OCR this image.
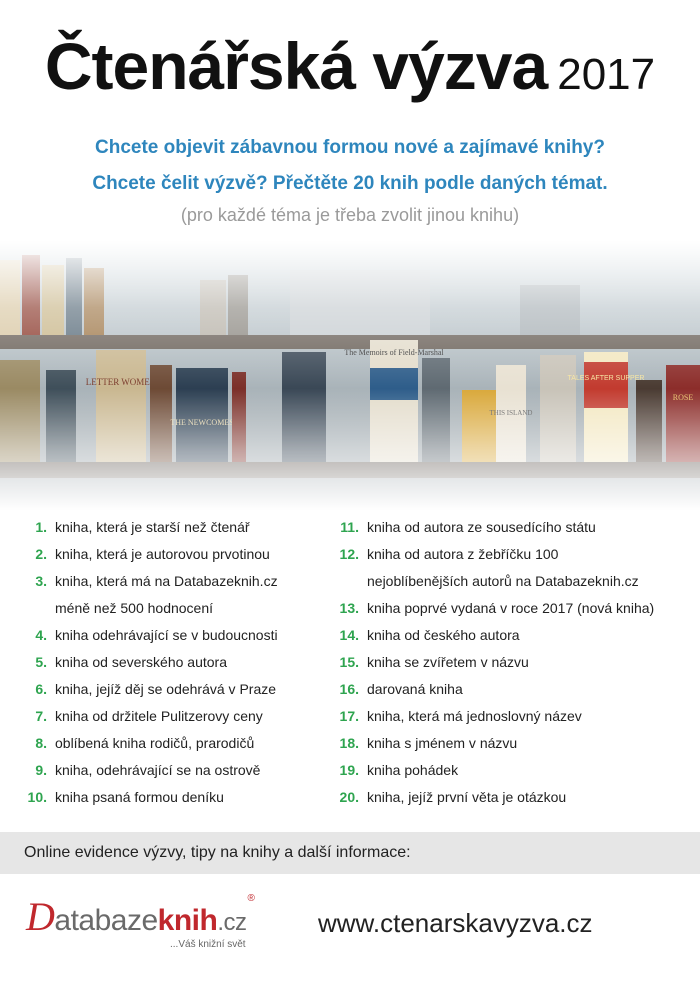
Čtenářská výzva 2017
Chcete objevit zábavnou formou nové a zajímavé knihy?
Chcete čelit výzvě? Přečtěte 20 knih podle daných témat.
(pro každé téma je třeba zvolit jinou knihu)
1. kniha, která je starší než čtenář
2. kniha, která je autorovou prvotinou
3. kniha, která má na Databazeknih.cz
méně než 500 hodnocení
4. kniha odehrávající se v budoucnosti
5. kniha od severského autora
6. kniha, jejíž děj se odehrává v Praze
7. kniha od držitele Pulitzerovy ceny
8. oblíbená kniha rodičů, prarodičů
9. kniha, odehrávající se na ostrově
10. kniha psaná formou deníku
11. kniha od autora ze sousedícího státu
12. kniha od autora z žebříčku 100
nejoblíbenějších autorů na Databazeknih.cz
13. kniha poprvé vydaná v roce 2017 (nová kniha)
14. kniha od českého autora
15. kniha se zvířetem v názvu
16. darovaná kniha
17. kniha, která má jednoslovný název
18. kniha s jménem v názvu
19. kniha pohádek
20. kniha, jejíž první věta je otázkou
Online evidence výzvy, tipy na knihy a další informace:
Databazeknih.cz®
...Váš knižní svět
www.ctenarskavyzva.cz
